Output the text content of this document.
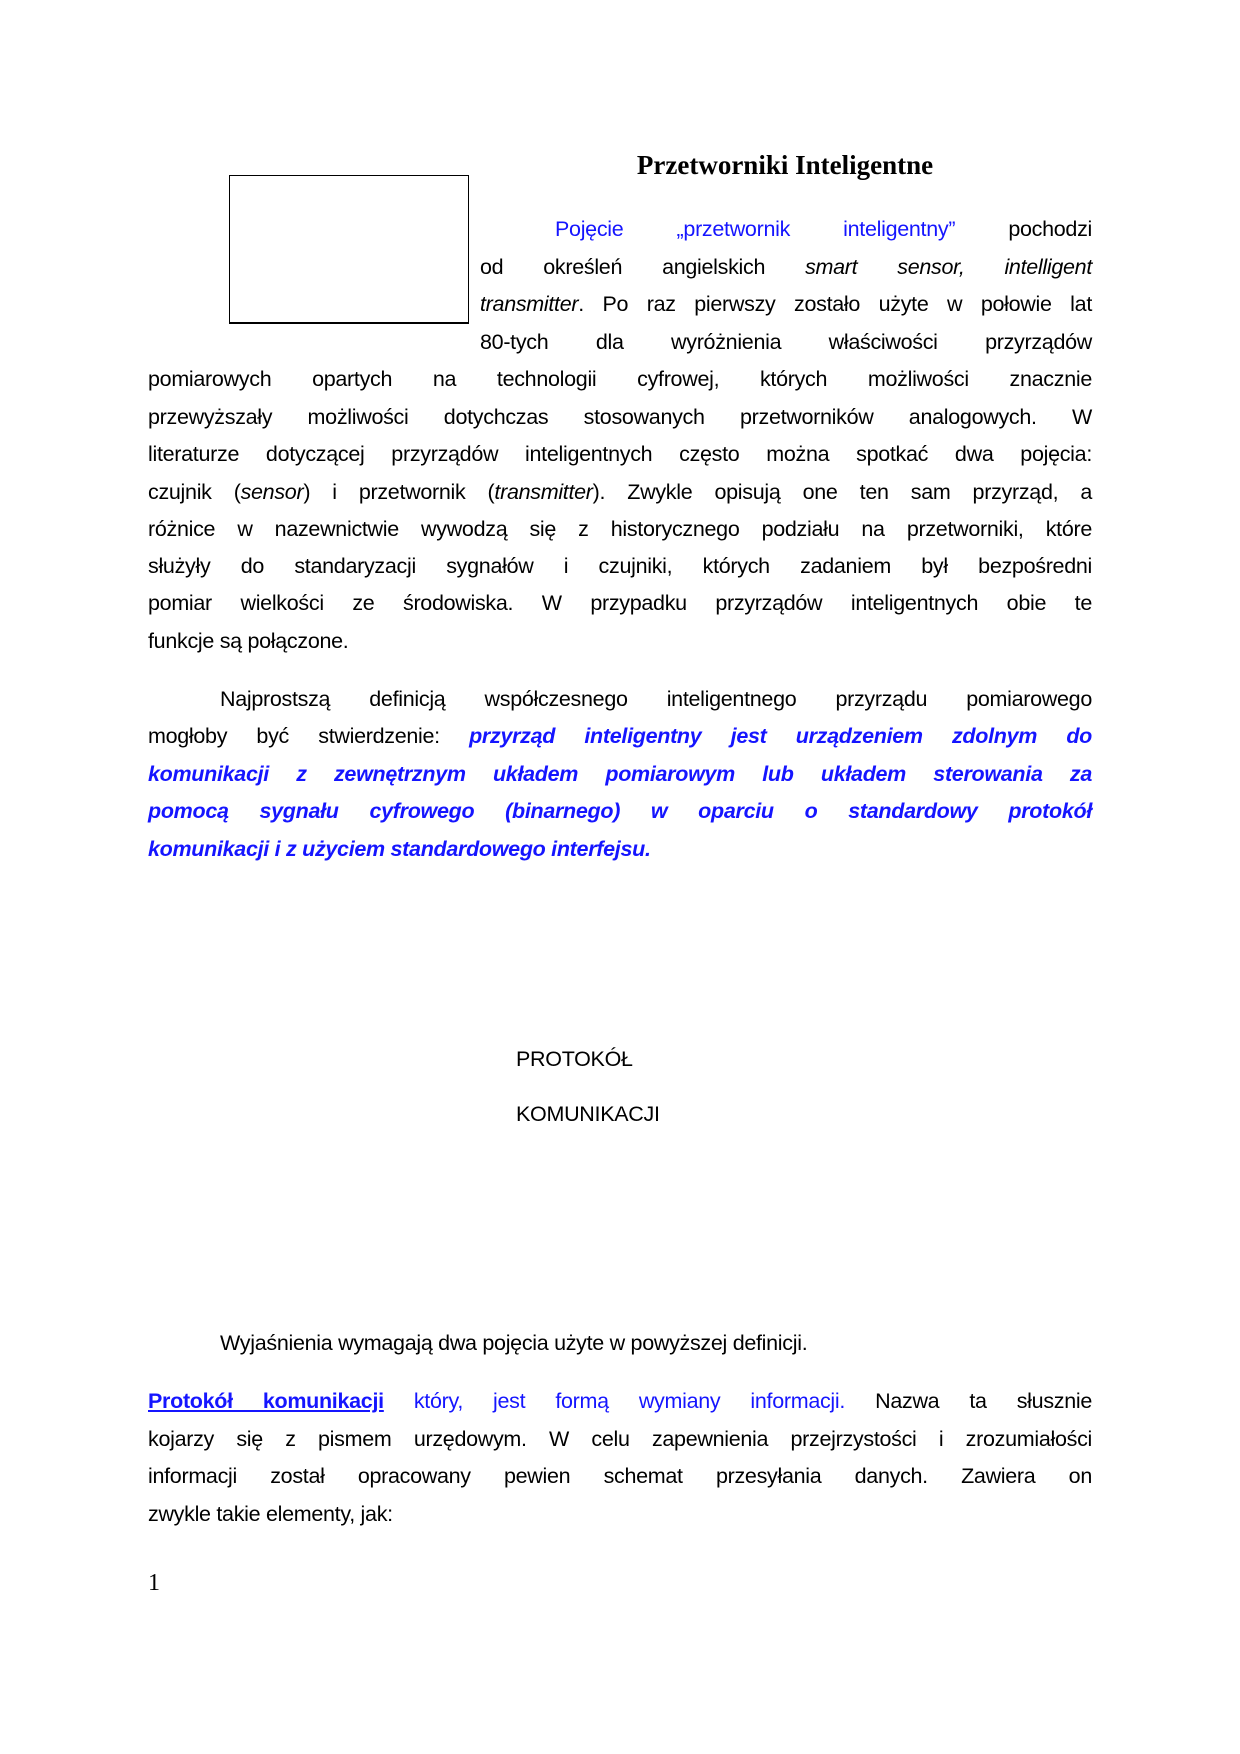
Przetworniki Inteligentne
Pojęcie „przetwornik inteligentny” pochodzi
od określeń angielskich smart sensor, intelligent
transmitter. Po raz pierwszy zostało użyte w połowie lat
80-tych dla wyróżnienia właściwości przyrządów
pomiarowych opartych na technologii cyfrowej, których możliwości znacznie
przewyższały możliwości dotychczas stosowanych przetworników analogowych. W
literaturze dotyczącej przyrządów inteligentnych często można spotkać dwa pojęcia:
czujnik (sensor) i przetwornik (transmitter). Zwykle opisują one ten sam przyrząd, a
różnice w nazewnictwie wywodzą się z historycznego podziału na przetworniki, które
służyły do standaryzacji sygnałów i czujniki, których zadaniem był bezpośredni
pomiar wielkości ze środowiska. W przypadku przyrządów inteligentnych obie te
funkcje są połączone.
Najprostszą definicją współczesnego inteligentnego przyrządu pomiarowego
mogłoby być stwierdzenie: przyrząd inteligentny jest urządzeniem zdolnym do
komunikacji z zewnętrznym układem pomiarowym lub układem sterowania za
pomocą sygnału cyfrowego (binarnego) w oparciu o standardowy protokół
komunikacji i z użyciem standardowego interfejsu.
PROTOKÓŁ
KOMUNIKACJI
Wyjaśnienia wymagają dwa pojęcia użyte w powyższej definicji.
Protokół komunikacji który, jest formą wymiany informacji. Nazwa ta słusznie
kojarzy się z pismem urzędowym. W celu zapewnienia przejrzystości i zrozumiałości
informacji został opracowany pewien schemat przesyłania danych. Zawiera on
zwykle takie elementy, jak:
1
